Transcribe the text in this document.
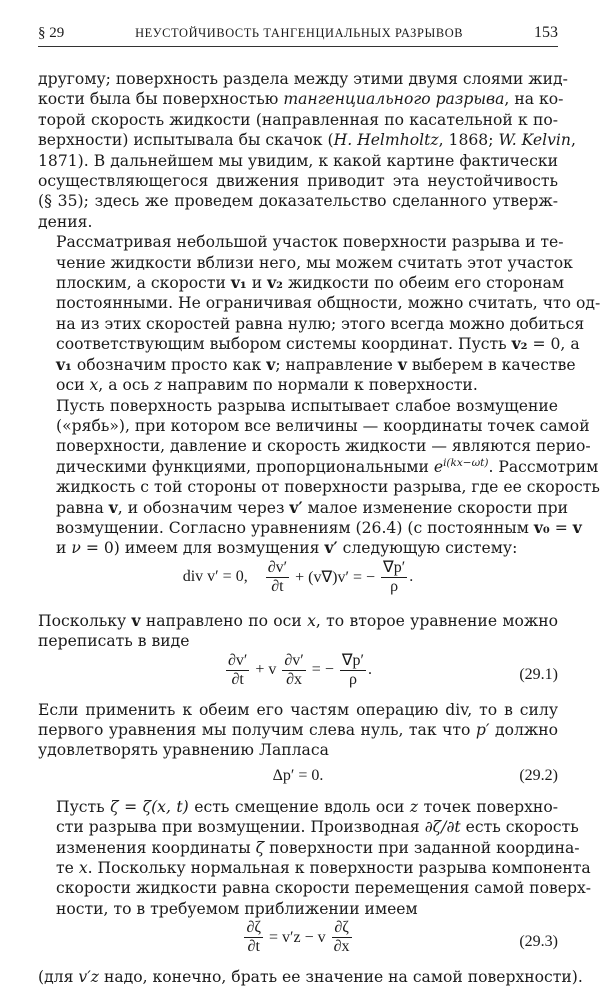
§ 29	НЕУСТОЙЧИВОСТЬ ТАНГЕНЦИАЛЬНЫХ РАЗРЫВОВ	153

другому; поверхность раздела между этими двумя слоями жид-
кости была бы поверхностью тангенциального разрыва, на ко-
торой скорость жидкости (направленная по касательной к по-
верхности) испытывала бы скачок (H. Helmholtz, 1868; W. Kelvin,
1871). В дальнейшем мы увидим, к какой картине фактически
осуществляющегося движения приводит эта неустойчивость
(§ 35); здесь же проведем доказательство сделанного утверж-
дения.

Рассматривая небольшой участок поверхности разрыва и те-
чение жидкости вблизи него, мы можем считать этот участок
плоским, а скорости v₁ и v₂ жидкости по обеим его сторонам
постоянными. Не ограничивая общности, можно считать, что од-
на из этих скоростей равна нулю; этого всегда можно добиться
соответствующим выбором системы координат. Пусть v₂ = 0, а
v₁ обозначим просто как v; направление v выберем в качестве
оси x, а ось z направим по нормали к поверхности.

Пусть поверхность разрыва испытывает слабое возмущение
(«рябь»), при котором все величины — координаты точек самой
поверхности, давление и скорость жидкости — являются перио-
дическими функциями, пропорциональными $e^{i(kx-\omega t)}$. Рассмотрим
жидкость с той стороны от поверхности разрыва, где ее скорость
равна v, и обозначим через v′ малое изменение скорости при
возмущении. Согласно уравнениям (26.4) (с постоянным v₀ = v
и ν = 0) имеем для возмущения v′ следующую систему:

div v′ = 0, $\frac{\partial v'}{\partial t} + (v\nabla)v'$ = − $\frac{\nabla p'}{\rho}$ .

Поскольку v направлено по оси x, то второе уравнение можно
переписать в виде

$\frac{\partial v'}{\partial t} + v \frac{\partial v'}{\partial x}$ = − $\frac{\nabla p'}{\rho}$ .	(29.1)

Если применить к обеим его частям операцию div, то в силу
первого уравнения мы получим слева нуль, так что p′ должно
удовлетворять уравнению Лапласа

Δp′ = 0.	(29.2)

Пусть ζ = ζ(x, t) есть смещение вдоль оси z точек поверхно-
сти разрыва при возмущении. Производная ∂ζ/∂t есть скорость
изменения координаты ζ поверхности при заданной координа-
те x. Поскольку нормальная к поверхности разрыва компонента
скорости жидкости равна скорости перемещения самой поверх-
ности, то в требуемом приближении имеем

$\frac{\partial\zeta}{\partial t} = v'z - v \frac{\partial\zeta}{\partial x}$	(29.3)

(для v′z надо, конечно, брать ее значение на самой поверхности).
